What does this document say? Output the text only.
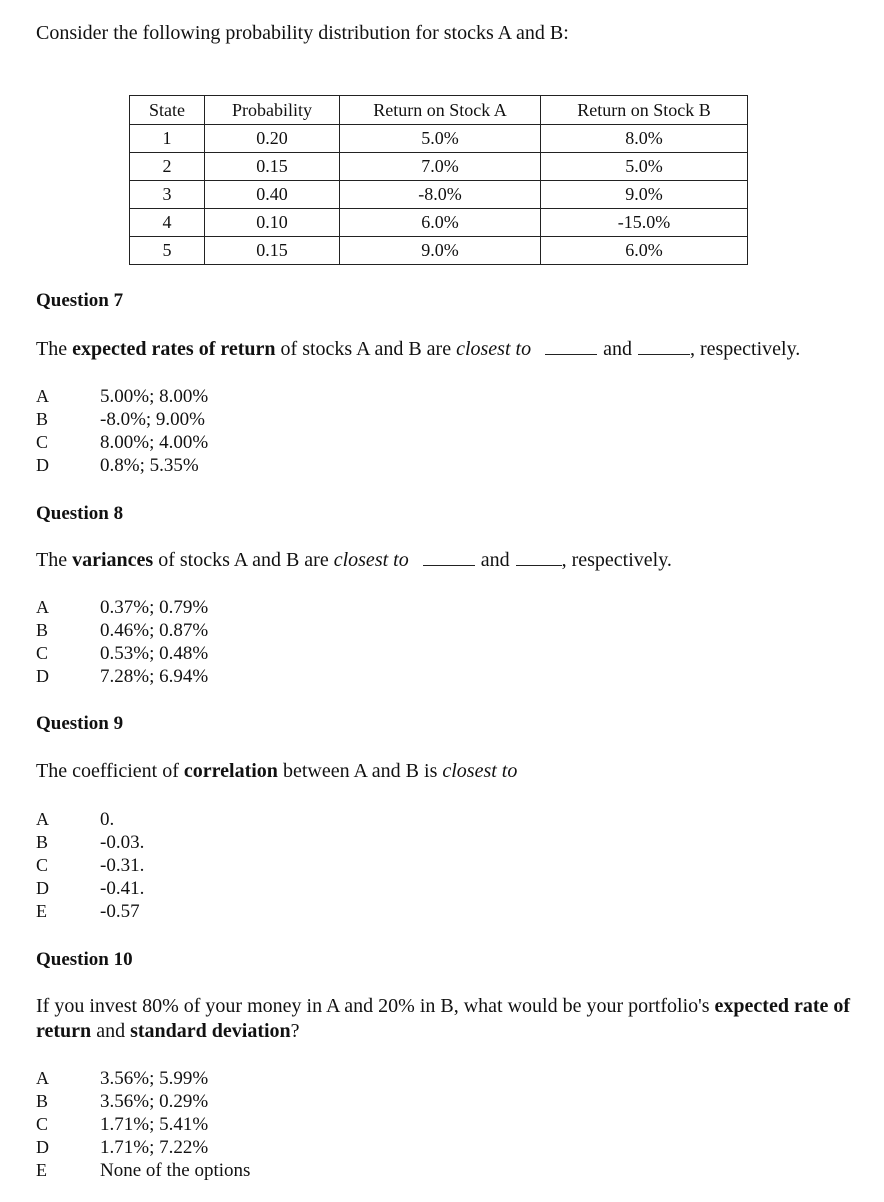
Consider the following probability distribution for stocks A and B:
State	Probability	Return on Stock A	Return on Stock B
1	0.20	5.0%	8.0%
2	0.15	7.0%	5.0%
3	0.40	-8.0%	9.0%
4	0.10	6.0%	-15.0%
5	0.15	9.0%	6.0%
Question 7
The expected rates of return of stocks A and B are closest to	and	, respectively.
A	5.00%; 8.00%
B	-8.0%; 9.00%
C	8.00%; 4.00%
D	0.8%; 5.35%
Question 8
The variances of stocks A and B are closest to	and	, respectively.
A	0.37%; 0.79%
B	0.46%; 0.87%
C	0.53%; 0.48%
D	7.28%; 6.94%
Question 9
The coefficient of correlation between A and B is closest to
A	0.
B	-0.03.
C	-0.31.
D	-0.41.
E	-0.57
Question 10
If you invest 80% of your money in A and 20% in B, what would be your portfolio's expected rate of return and standard deviation?
A	3.56%; 5.99%
B	3.56%; 0.29%
C	1.71%; 5.41%
D	1.71%; 7.22%
E	None of the options
